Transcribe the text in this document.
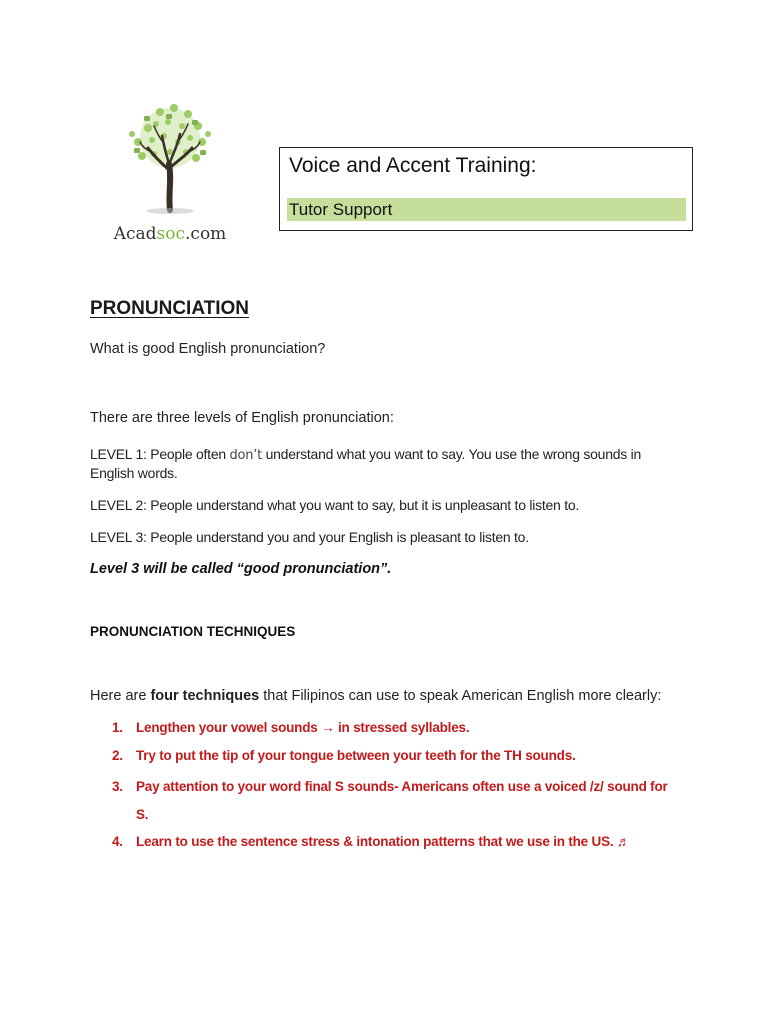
Acadsoc.com
Voice and Accent Training:
Tutor Support
PRONUNCIATION
What is good English pronunciation?
There are three levels of English pronunciation:
LEVEL 1: People often don’t understand what you want to say. You use the wrong sounds in
English words.
LEVEL 2: People understand what you want to say, but it is unpleasant to listen to.
LEVEL 3: People understand you and your English is pleasant to listen to.
Level 3 will be called “good pronunciation”.
PRONUNCIATION TECHNIQUES
Here are four techniques that Filipinos can use to speak American English more clearly:
1. Lengthen your vowel sounds → in stressed syllables.
2. Try to put the tip of your tongue between your teeth for the TH sounds.
3. Pay attention to your word final S sounds- Americans often use a voiced /z/ sound for
S.
4. Learn to use the sentence stress & intonation patterns that we use in the US. ♬
